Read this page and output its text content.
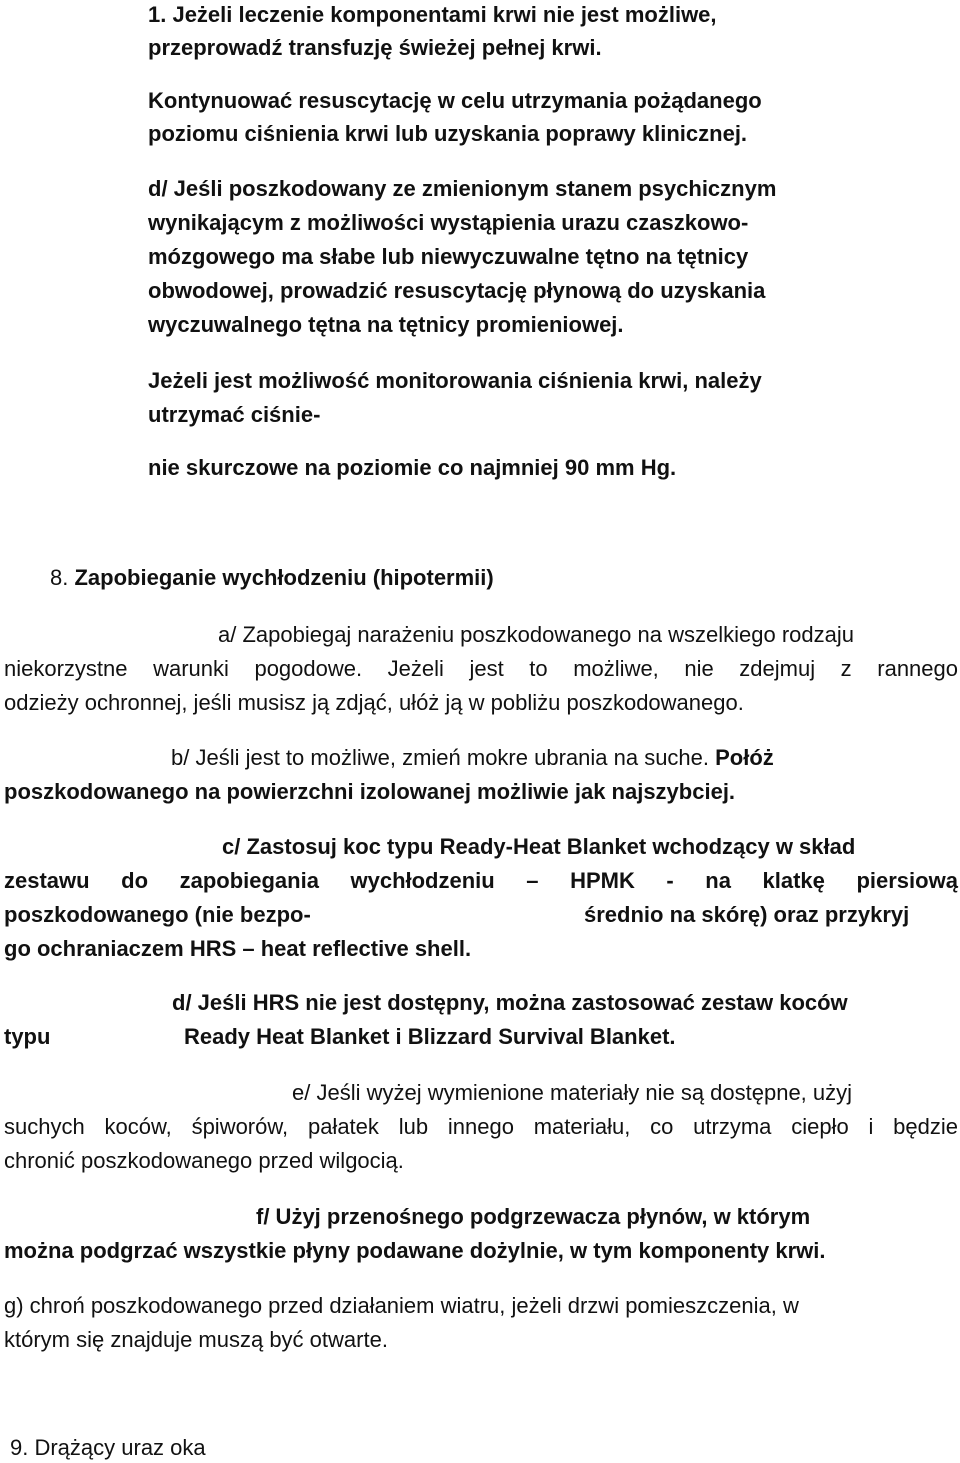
1. Jeżeli leczenie komponentami krwi nie jest możliwe,
przeprowadź transfuzję świeżej pełnej krwi.
Kontynuować resuscytację w celu utrzymania pożądanego
poziomu ciśnienia krwi lub uzyskania poprawy klinicznej.
d/ Jeśli poszkodowany ze zmienionym stanem psychicznym
wynikającym z możliwości wystąpienia urazu czaszkowo-
mózgowego ma słabe lub niewyczuwalne tętno na tętnicy
obwodowej, prowadzić resuscytację płynową do uzyskania
wyczuwalnego tętna na tętnicy promieniowej.
Jeżeli jest możliwość monitorowania ciśnienia krwi, należy
utrzymać ciśnie-
nie skurczowe na poziomie co najmniej 90 mm Hg.
8. Zapobieganie wychłodzeniu (hipotermii)
a/ Zapobiegaj narażeniu poszkodowanego na wszelkiego rodzaju
niekorzystne warunki pogodowe. Jeżeli jest to możliwe, nie zdejmuj z rannego
odzieży ochronnej, jeśli musisz ją zdjąć, ułóż ją w pobliżu poszkodowanego.
b/ Jeśli jest to możliwe, zmień mokre ubrania na suche. Połóż
poszkodowanego na powierzchni izolowanej możliwie jak najszybciej.
c/ Zastosuj koc typu Ready-Heat Blanket wchodzący w skład
zestawu do zapobiegania wychłodzeniu – HPMK - na klatkę piersiową
poszkodowanego (nie bezpo-	średnio na skórę) oraz przykryj
go ochraniaczem HRS – heat reflective shell.
d/ Jeśli HRS nie jest dostępny, można zastosować zestaw koców
typu	Ready Heat Blanket i Blizzard Survival Blanket.
e/ Jeśli wyżej wymienione materiały nie są dostępne, użyj
suchych koców, śpiworów, pałatek lub innego materiału, co utrzyma ciepło i będzie
chronić poszkodowanego przed wilgocią.
f/ Użyj przenośnego podgrzewacza płynów, w którym
można podgrzać wszystkie płyny podawane dożylnie, w tym komponenty krwi.
g) chroń poszkodowanego przed działaniem wiatru, jeżeli drzwi pomieszczenia, w
którym się znajduje muszą być otwarte.
9. Drążący uraz oka
